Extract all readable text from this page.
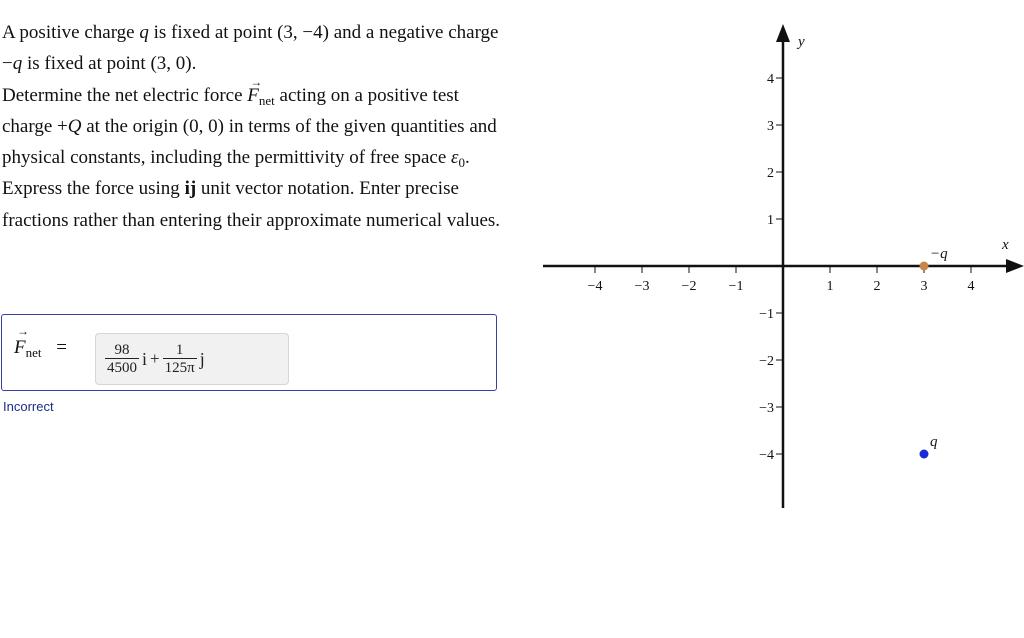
A positive charge q is fixed at point (3, −4) and a negative charge −q is fixed at point (3, 0).

Determine the net electric force → $F_{net}$ acting on a positive test charge +Q at the origin (0, 0) in terms of the given quantities and physical constants, including the permittivity of free space $\varepsilon_0$. Express the force using ij unit vector notation. Enter precise fractions rather than entering their approximate numerical values.

→ $F_{net}$ =	$\frac{98}{4500}$ $i + \frac{1}{125\pi}$ j
Incorrect
x
y
−4 −3 −2 −1	1	2	3	4
4
3
2
1
−1
−2
−3
−4
−q
q
